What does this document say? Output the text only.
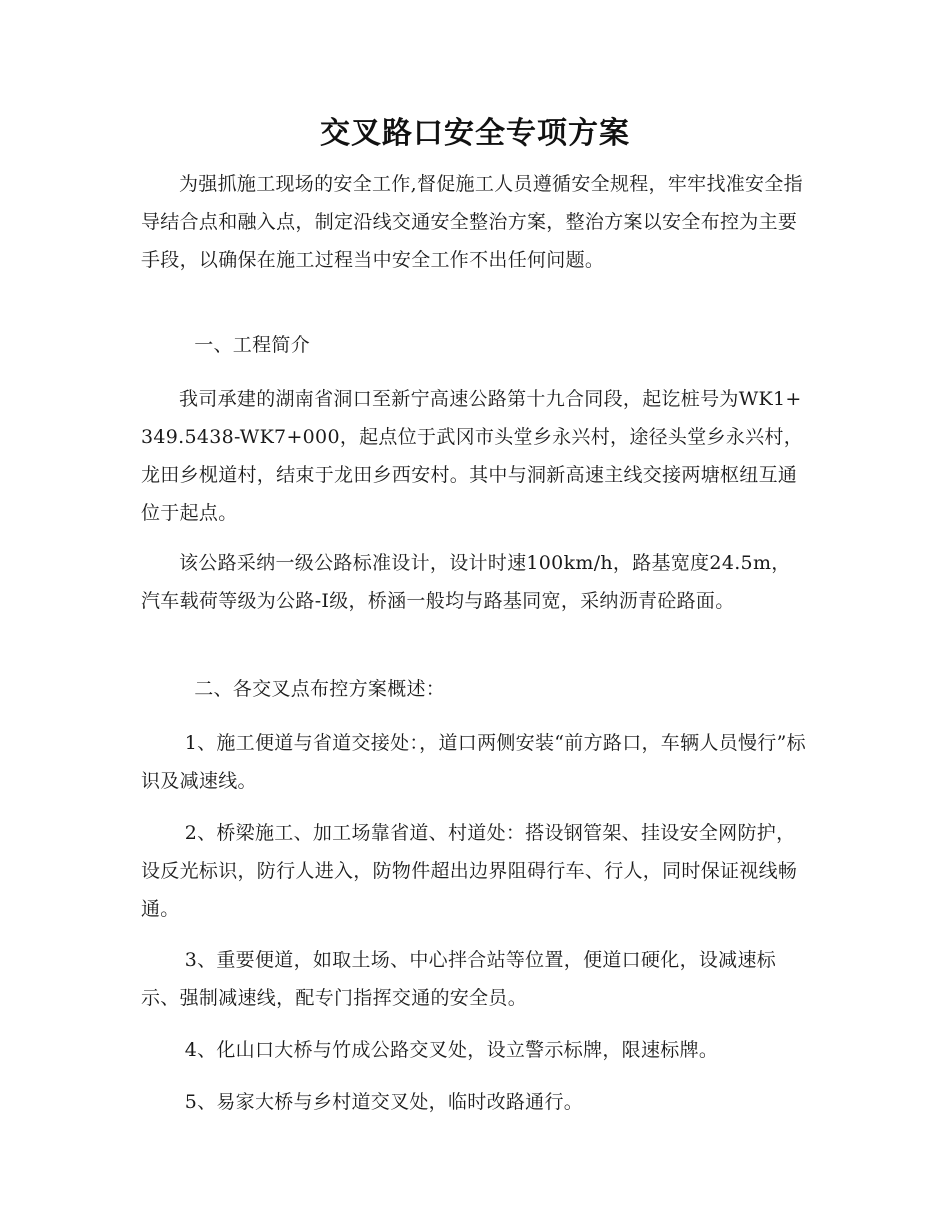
交叉路口安全专项方案

为强抓施工现场的安全工作,督促施工人员遵循安全规程，牢牢找准安全指导结合点和融入点，制定沿线交通安全整治方案，整治方案以安全布控为主要手段，以确保在施工过程当中安全工作不出任何问题。

一、工程简介

我司承建的湖南省洞口至新宁高速公路第十九合同段，起讫桩号为WK1+349.5438-WK7+000，起点位于武冈市头堂乡永兴村，途径头堂乡永兴村，龙田乡枧道村，结束于龙田乡西安村。其中与洞新高速主线交接两塘枢纽互通位于起点。

该公路采纳一级公路标准设计，设计时速100km/h，路基宽度24.5m，汽车载荷等级为公路-I级，桥涵一般均与路基同宽，采纳沥青砼路面。

二、各交叉点布控方案概述：

1、施工便道与省道交接处：，道口两侧安装“前方路口，车辆人员慢行”标识及减速线。

2、桥梁施工、加工场靠省道、村道处：搭设钢管架、挂设安全网防护，设反光标识，防行人进入，防物件超出边界阻碍行车、行人，同时保证视线畅通。

3、重要便道，如取土场、中心拌合站等位置，便道口硬化，设减速标示、强制减速线，配专门指挥交通的安全员。

4、化山口大桥与竹成公路交叉处，设立警示标牌，限速标牌。

5、易家大桥与乡村道交叉处，临时改路通行。
